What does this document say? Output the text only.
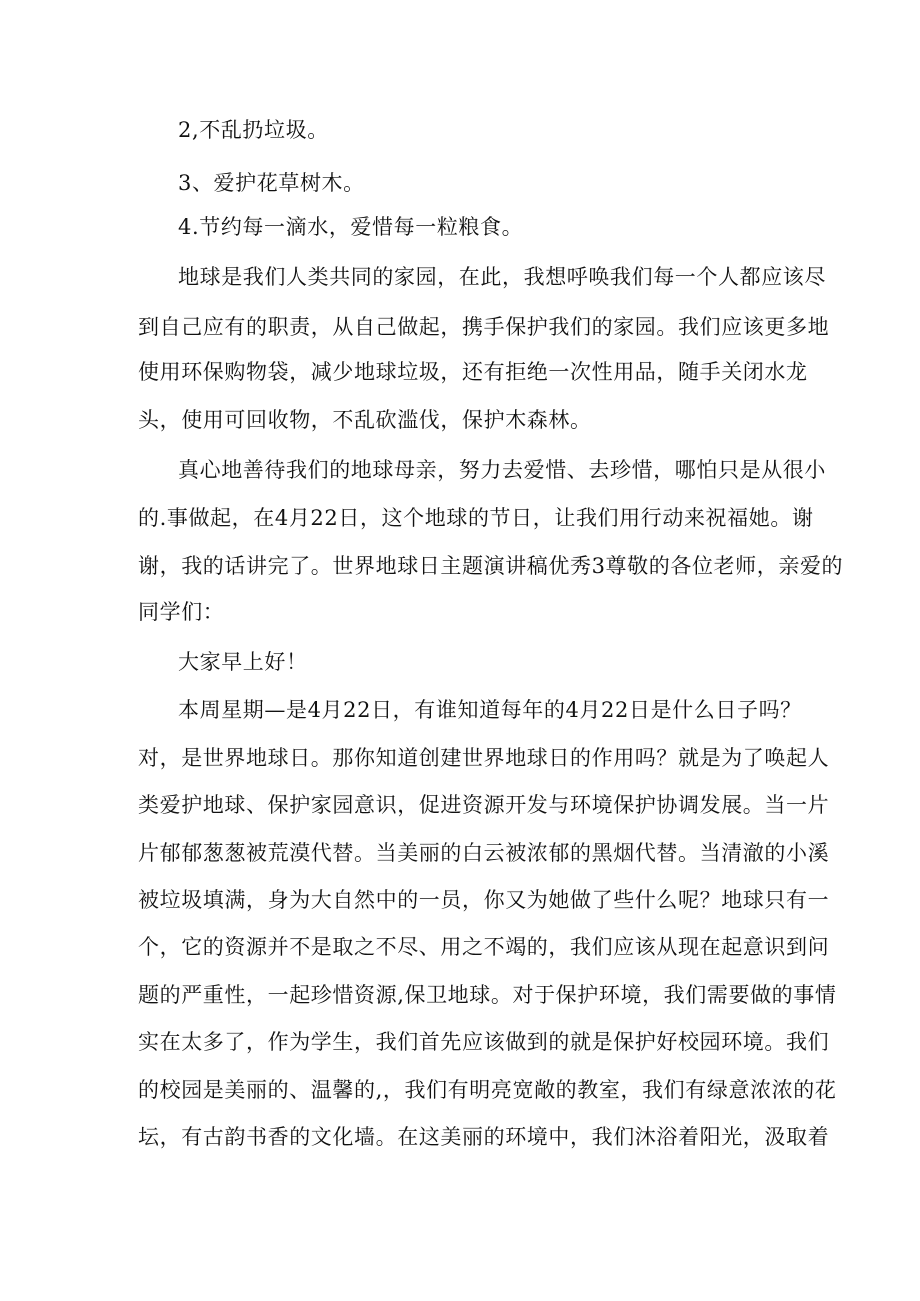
2,不乱扔垃圾。
3、爱护花草树木。
4.节约每一滴水，爱惜每一粒粮食。
地球是我们人类共同的家园，在此，我想呼唤我们每一个人都应该尽
到自己应有的职责，从自己做起，携手保护我们的家园。我们应该更多地
使用环保购物袋，减少地球垃圾，还有拒绝一次性用品，随手关闭水龙
头，使用可回收物，不乱砍滥伐，保护木森林。
真心地善待我们的地球母亲，努力去爱惜、去珍惜，哪怕只是从很小
的.事做起，在4月22日，这个地球的节日，让我们用行动来祝福她。谢
谢，我的话讲完了。世界地球日主题演讲稿优秀3尊敬的各位老师，亲爱的
同学们：
大家早上好！
本周星期—是4月22日，有谁知道每年的4月22日是什么日子吗？
对，是世界地球日。那你知道创建世界地球日的作用吗？就是为了唤起人
类爱护地球、保护家园意识，促进资源开发与环境保护协调发展。当一片
片郁郁葱葱被荒漠代替。当美丽的白云被浓郁的黑烟代替。当清澈的小溪
被垃圾填满，身为大自然中的一员，你又为她做了些什么呢？地球只有一
个，它的资源并不是取之不尽、用之不竭的，我们应该从现在起意识到问
题的严重性，一起珍惜资源,保卫地球。对于保护环境，我们需要做的事情
实在太多了，作为学生，我们首先应该做到的就是保护好校园环境。我们
的校园是美丽的、温馨的,，我们有明亮宽敞的教室，我们有绿意浓浓的花
坛，有古韵书香的文化墙。在这美丽的环境中，我们沐浴着阳光，汲取着
